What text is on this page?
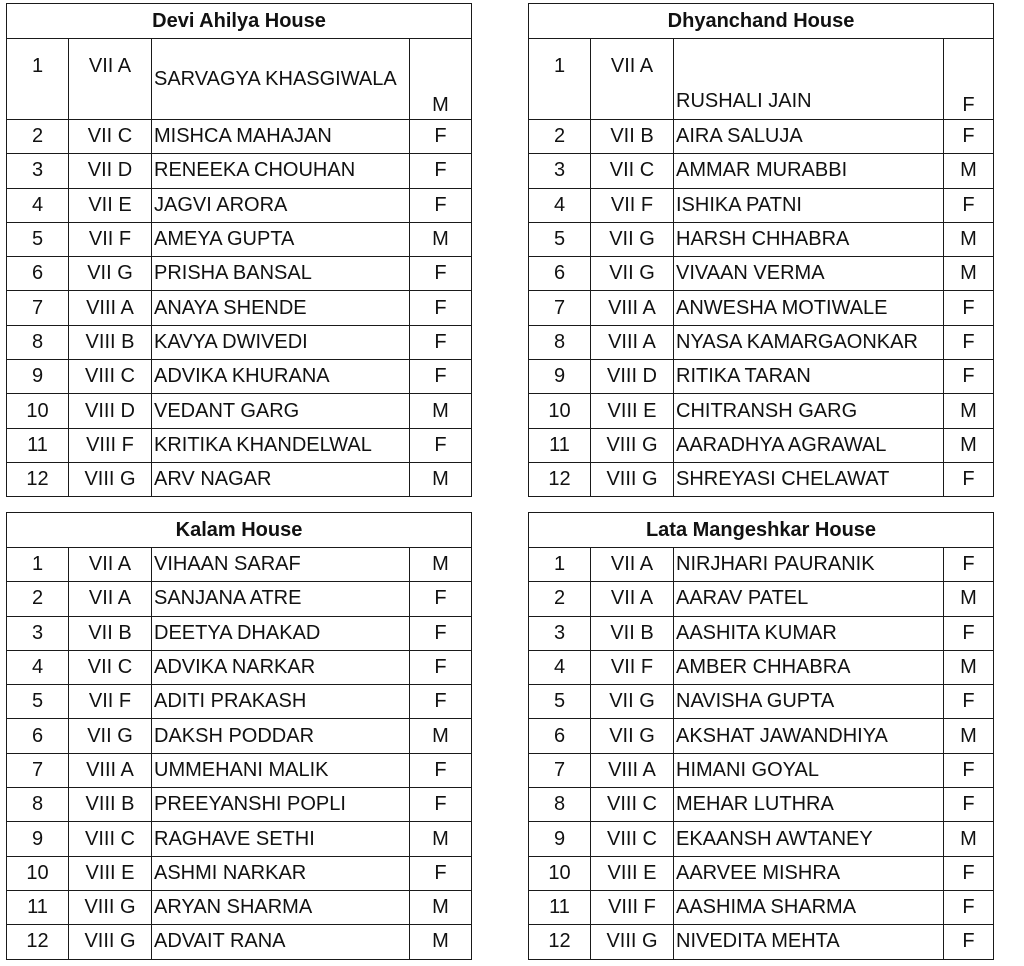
Devi Ahilya House			
1	VII A	SARVAGYA KHASGIWALA	M
2	VII C	MISHCA MAHAJAN	F
3	VII D	RENEEKA CHOUHAN	F
4	VII E	JAGVI ARORA	F
5	VII F	AMEYA GUPTA	M
6	VII G	PRISHA BANSAL	F
7	VIII A	ANAYA SHENDE	F
8	VIII B	KAVYA DWIVEDI	F
9	VIII C	ADVIKA KHURANA	F
10	VIII D	VEDANT GARG	M
11	VIII F	KRITIKA KHANDELWAL	F
12	VIII G	ARV NAGAR	M
Dhyanchand House			
1	VII A	RUSHALI JAIN	F
2	VII B	AIRA SALUJA	F
3	VII C	AMMAR MURABBI	M
4	VII F	ISHIKA PATNI	F
5	VII G	HARSH CHHABRA	M
6	VII G	VIVAAN VERMA	M
7	VIII A	ANWESHA MOTIWALE	F
8	VIII A	NYASA KAMARGAONKAR	F
9	VIII D	RITIKA TARAN	F
10	VIII E	CHITRANSH GARG	M
11	VIII G	AARADHYA AGRAWAL	M
12	VIII G	SHREYASI CHELAWAT	F
Kalam House			
1	VII A	VIHAAN SARAF	M
2	VII A	SANJANA ATRE	F
3	VII B	DEETYA DHAKAD	F
4	VII C	ADVIKA NARKAR	F
5	VII F	ADITI PRAKASH	F
6	VII G	DAKSH PODDAR	M
7	VIII A	UMMEHANI MALIK	F
8	VIII B	PREEYANSHI POPLI	F
9	VIII C	RAGHAVE SETHI	M
10	VIII E	ASHMI NARKAR	F
11	VIII G	ARYAN SHARMA	M
12	VIII G	ADVAIT RANA	M
Lata Mangeshkar House			
1	VII A	NIRJHARI PAURANIK	F
2	VII A	AARAV PATEL	M
3	VII B	AASHITA KUMAR	F
4	VII F	AMBER CHHABRA	M
5	VII G	NAVISHA GUPTA	F
6	VII G	AKSHAT JAWANDHIYA	M
7	VIII A	HIMANI GOYAL	F
8	VIII C	MEHAR LUTHRA	F
9	VIII C	EKAANSH AWTANEY	M
10	VIII E	AARVEE MISHRA	F
11	VIII F	AASHIMA SHARMA	F
12	VIII G	NIVEDITA MEHTA	F
